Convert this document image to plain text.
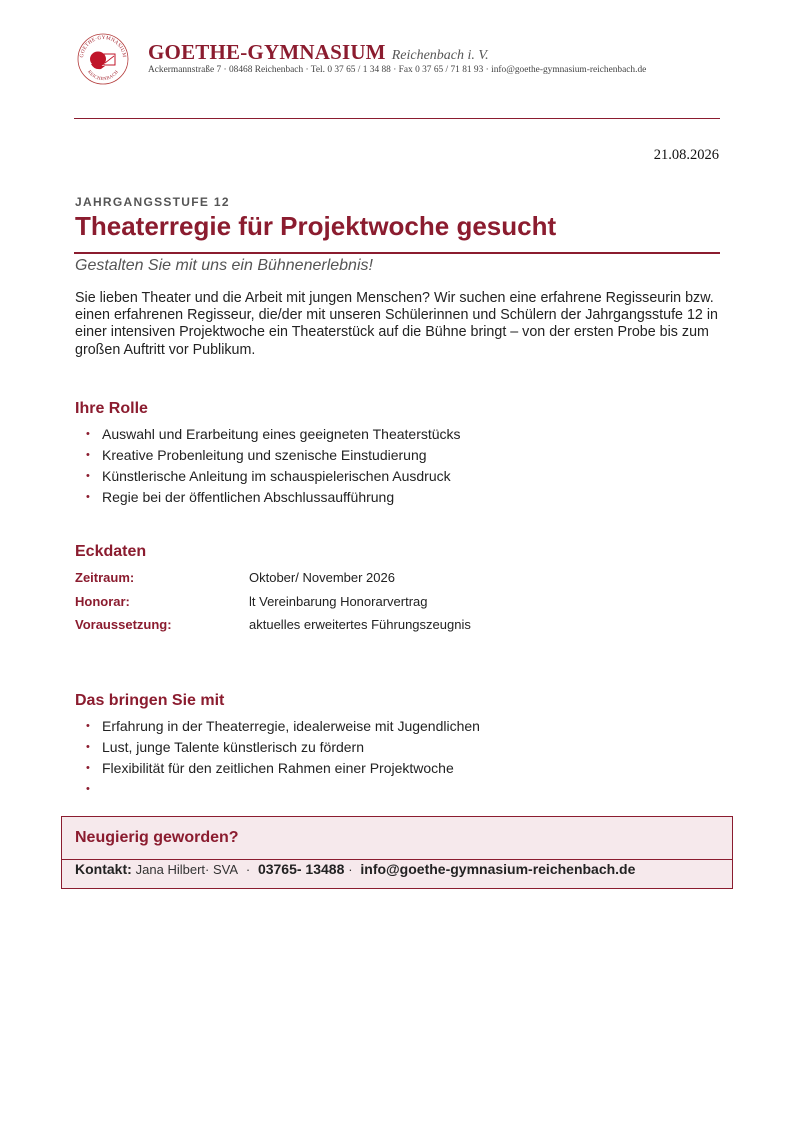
GOETHE·GYMNASIUM
REICHENBACH
GOETHE-GYMNASIUM Reichenbach i. V.
Ackermannstraße 7 · 08468 Reichenbach · Tel. 0 37 65 / 1 34 88 · Fax 0 37 65 / 71 81 93 · info@goethe-gymnasium-reichenbach.de
21.08.2026
JAHRGANGSSTUFE 12
Theaterregie für Projektwoche gesucht
Gestalten Sie mit uns ein Bühnenerlebnis!
Sie lieben Theater und die Arbeit mit jungen Menschen? Wir suchen eine erfahrene Regisseurin bzw. einen erfahrenen Regisseur, die/der mit unseren Schülerinnen und Schülern der Jahrgangsstufe 12 in einer intensiven Projektwoche ein Theaterstück auf die Bühne bringt – von der ersten Probe bis zum großen Auftritt vor Publikum.
Ihre Rolle
• Auswahl und Erarbeitung eines geeigneten Theaterstücks
• Kreative Probenleitung und szenische Einstudierung
• Künstlerische Anleitung im schauspielerischen Ausdruck
• Regie bei der öffentlichen Abschlussaufführung
Eckdaten
Zeitraum:	Oktober/ November 2026
Honorar:	lt Vereinbarung Honorarvertrag
Voraussetzung:	aktuelles erweitertes Führungszeugnis
Das bringen Sie mit
• Erfahrung in der Theaterregie, idealerweise mit Jugendlichen
• Lust, junge Talente künstlerisch zu fördern
• Flexibilität für den zeitlichen Rahmen einer Projektwoche
•
Neugierig geworden?
Kontakt: Jana Hilbert· SVA · 03765- 13488 · info@goethe-gymnasium-reichenbach.de
